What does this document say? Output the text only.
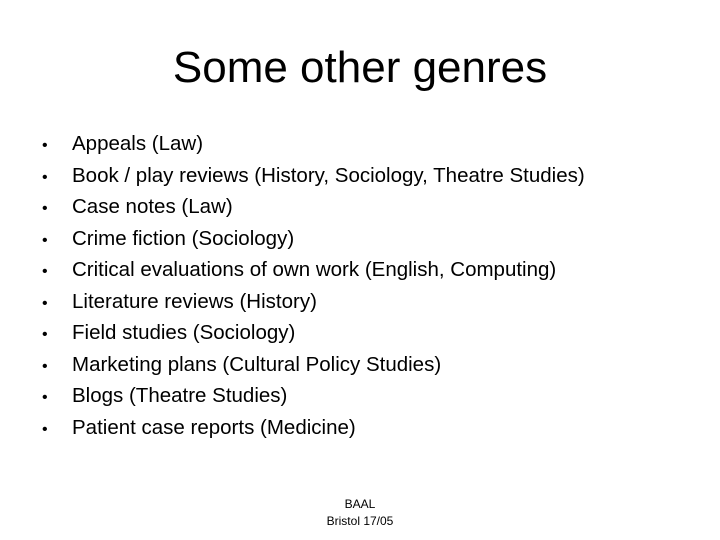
Some other genres
•	Appeals (Law)
•	Book / play reviews (History, Sociology, Theatre Studies)
•	Case notes (Law)
•	Crime fiction (Sociology)
•	Critical evaluations of own work (English, Computing)
•	Literature reviews (History)
•	Field studies (Sociology)
•	Marketing plans (Cultural Policy Studies)
•	Blogs (Theatre Studies)
•	Patient case reports (Medicine)
BAAL
Bristol 17/05
